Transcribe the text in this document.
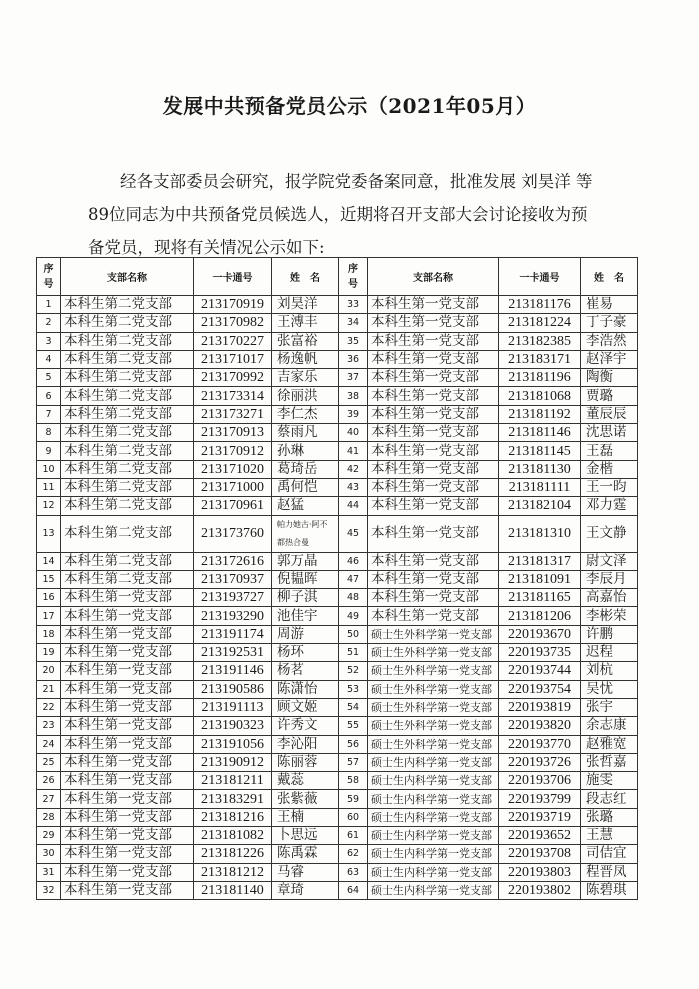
发展中共预备党员公示（2021年05月）
经各支部委员会研究，报学院党委备案同意，批准发展 刘昊洋 等
89位同志为中共预备党员候选人，近期将召开支部大会讨论接收为预
备党员，现将有关情况公示如下:
序
号	支部名称	一卡通号	姓　名	序
号	支部名称	一卡通号	姓　名
1	本科生第二党支部	213170919	刘昊洋	33	本科生第一党支部	213181176	崔易
2	本科生第二党支部	213170982	王溥丰	34	本科生第一党支部	213181224	丁子豪
3	本科生第二党支部	213170227	张富裕	35	本科生第一党支部	213182385	李浩然
4	本科生第二党支部	213171017	杨逸帆	36	本科生第一党支部	213183171	赵泽宇
5	本科生第二党支部	213170992	吉家乐	37	本科生第一党支部	213181196	陶衡
6	本科生第二党支部	213173314	徐丽洪	38	本科生第一党支部	213181068	贾璐
7	本科生第二党支部	213173271	李仁杰	39	本科生第一党支部	213181192	董辰辰
8	本科生第二党支部	213170913	蔡雨凡	40	本科生第一党支部	213181146	沈思诺
9	本科生第二党支部	213170912	孙琳	41	本科生第一党支部	213181145	王磊
10	本科生第二党支部	213171020	葛琦岳	42	本科生第一党支部	213181130	金楷
11	本科生第二党支部	213171000	禹何恺	43	本科生第一党支部	213181111	王一昀
12	本科生第二党支部	213170961	赵猛	44	本科生第一党支部	213182104	邓力霆
13	本科生第二党支部	213173760	帕力她古·阿不
都热合曼	45	本科生第一党支部	213181310	王文静
14	本科生第二党支部	213172616	郭万晶	46	本科生第一党支部	213181317	尉文泽
15	本科生第二党支部	213170937	倪韫晖	47	本科生第一党支部	213181091	李辰月
16	本科生第一党支部	213193727	柳子淇	48	本科生第一党支部	213181165	高嘉怡
17	本科生第一党支部	213193290	池佳宇	49	本科生第一党支部	213181206	李彬荣
18	本科生第一党支部	213191174	周游	50	硕士生外科学第一党支部	220193670	许鹏
19	本科生第一党支部	213192531	杨环	51	硕士生外科学第一党支部	220193735	迟程
20	本科生第一党支部	213191146	杨茗	52	硕士生外科学第一党支部	220193744	刘杭
21	本科生第一党支部	213190586	陈潇怡	53	硕士生外科学第一党支部	220193754	吴忧
22	本科生第一党支部	213191113	顾文姬	54	硕士生外科学第一党支部	220193819	张宇
23	本科生第一党支部	213190323	许秀文	55	硕士生外科学第一党支部	220193820	余志康
24	本科生第一党支部	213191056	李沁阳	56	硕士生外科学第一党支部	220193770	赵雅宽
25	本科生第一党支部	213190912	陈丽蓉	57	硕士生内科学第一党支部	220193726	张哲嘉
26	本科生第一党支部	213181211	戴蕊	58	硕士生内科学第一党支部	220193706	施雯
27	本科生第一党支部	213183291	张紫薇	59	硕士生内科学第一党支部	220193799	段志红
28	本科生第一党支部	213181216	王楠	60	硕士生内科学第一党支部	220193719	张璐
29	本科生第一党支部	213181082	卜思远	61	硕士生内科学第一党支部	220193652	王慧
30	本科生第一党支部	213181226	陈禹霖	62	硕士生内科学第一党支部	220193708	司佶宜
31	本科生第一党支部	213181212	马睿	63	硕士生内科学第一党支部	220193803	程晋凤
32	本科生第一党支部	213181140	章琦	64	硕士生内科学第一党支部	220193802	陈碧琪
